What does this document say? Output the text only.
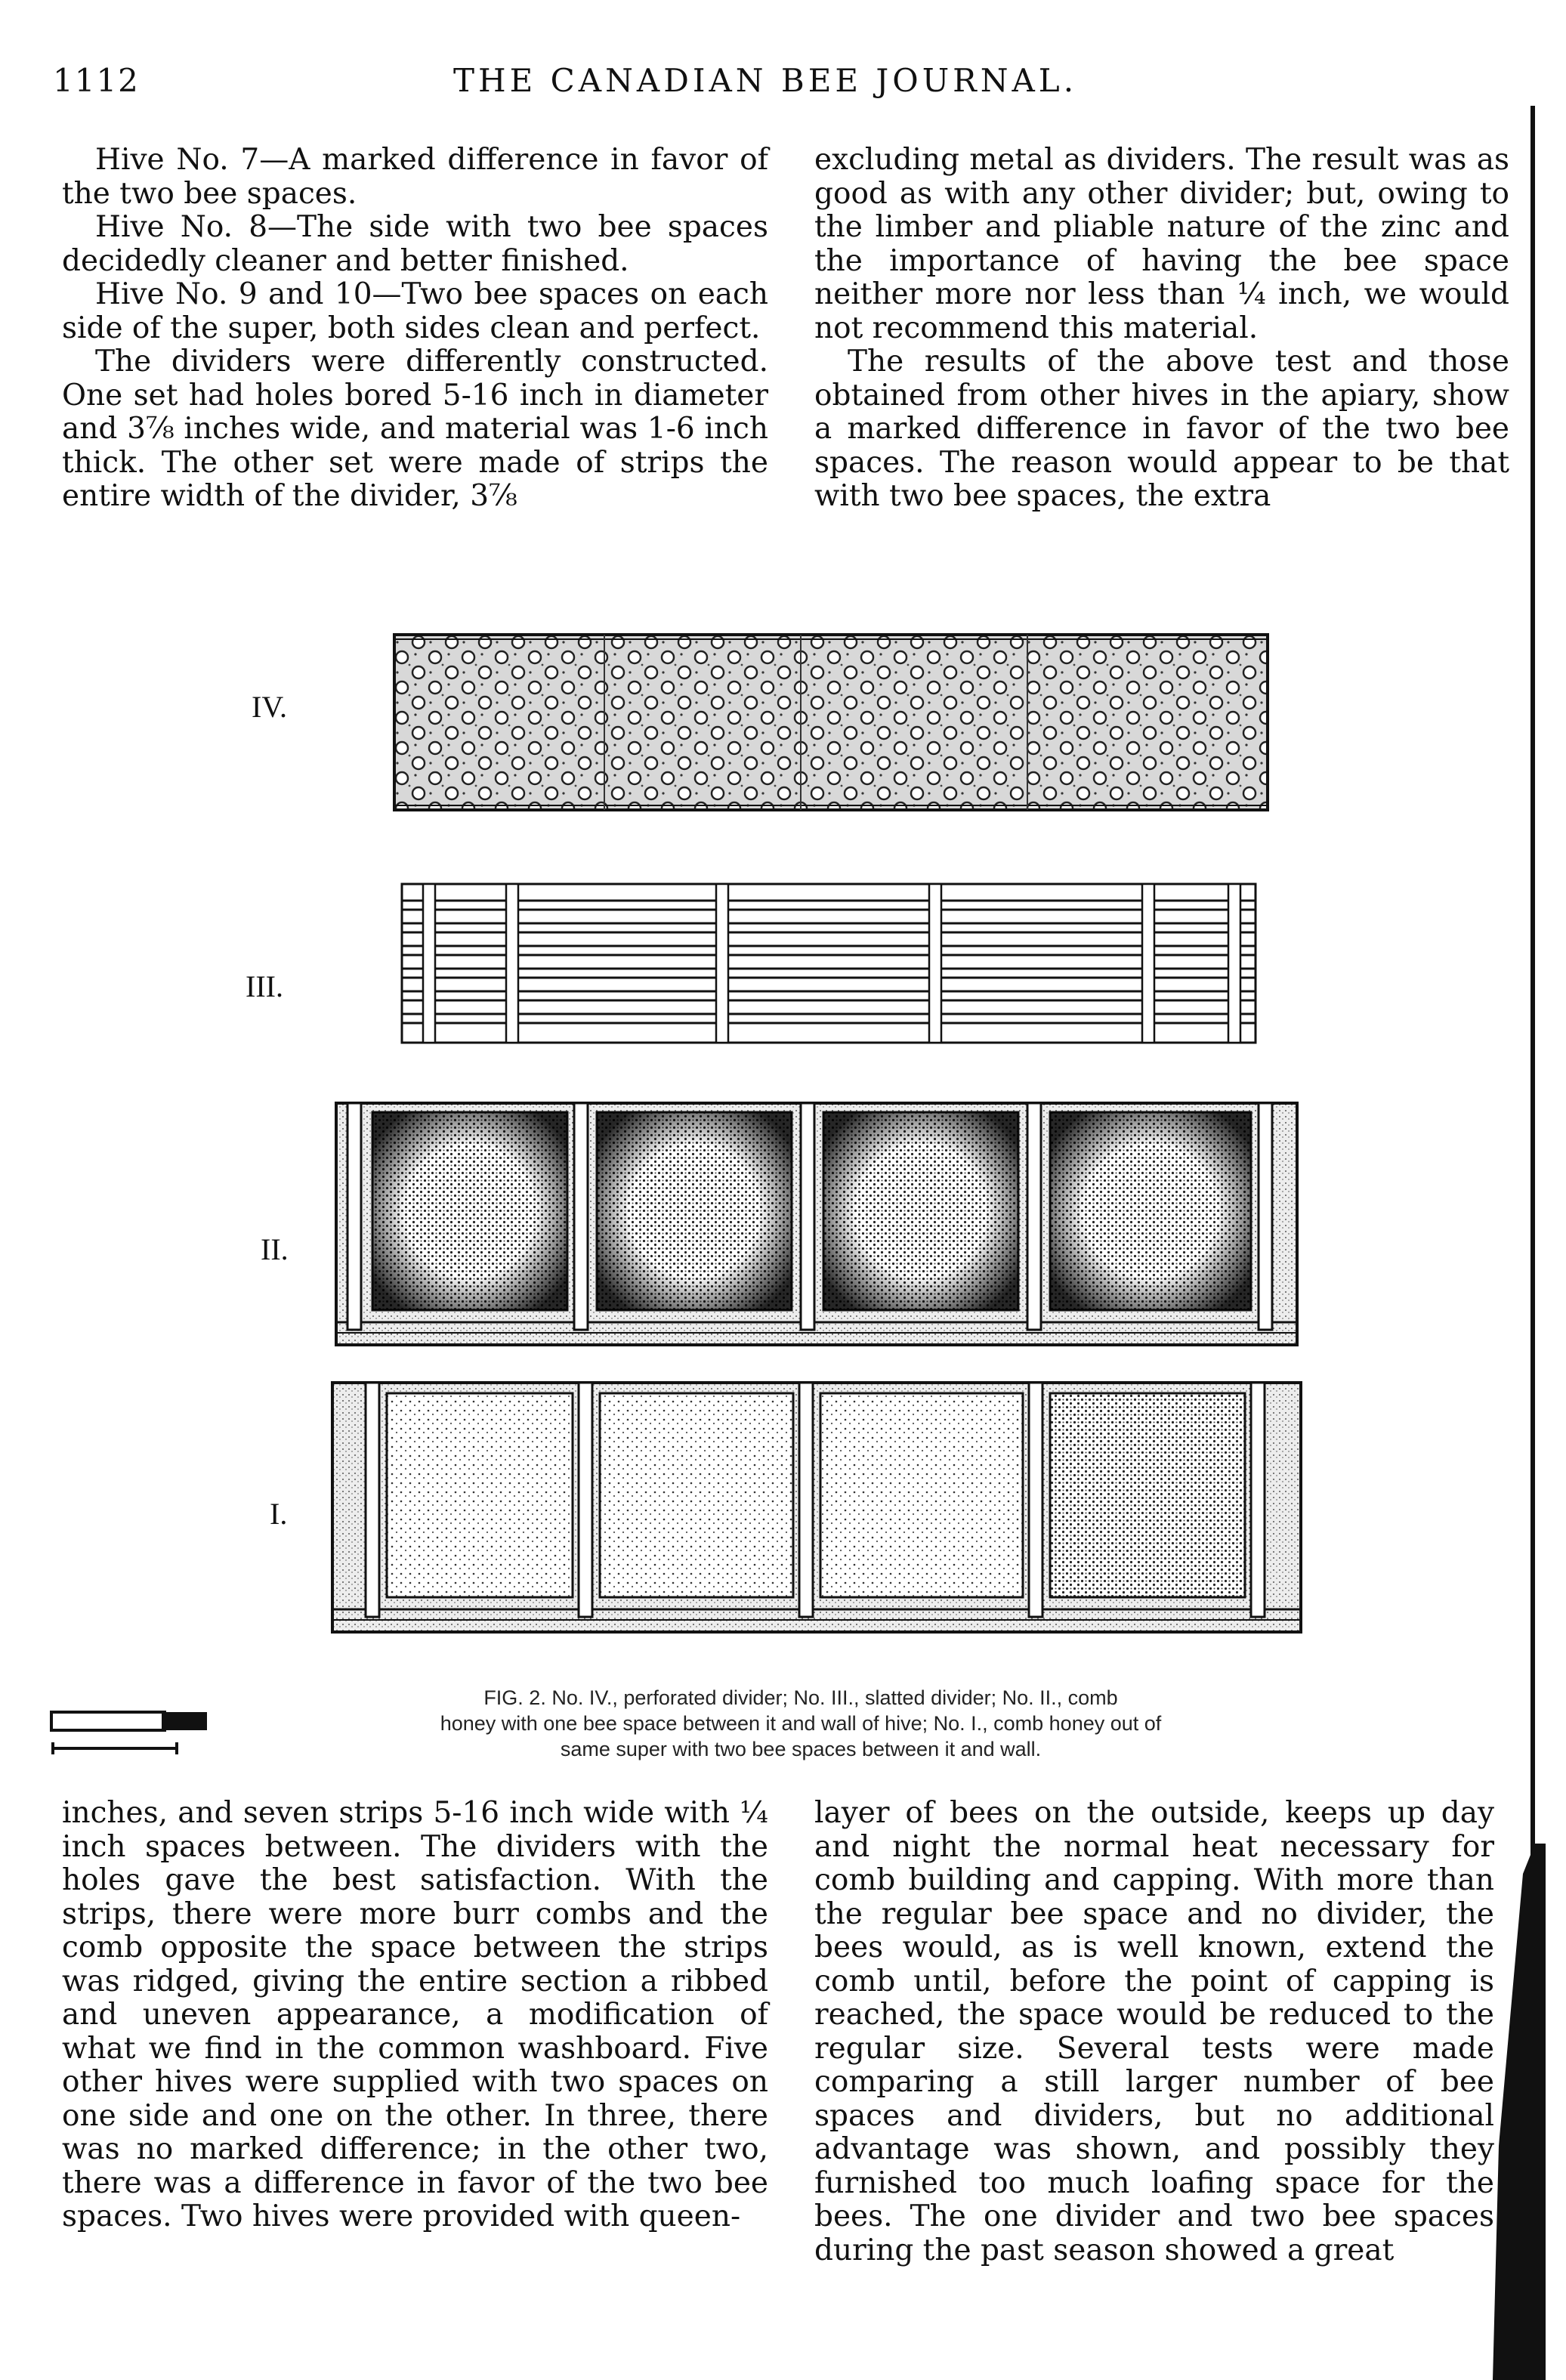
1112	THE CANADIAN BEE JOURNAL.

Hive No. 7—A marked difference in favor of the two bee spaces.

Hive No. 8—The side with two bee spaces decidedly cleaner and better finished.

Hive No. 9 and 10—Two bee spaces on each side of the super, both sides clean and perfect.

The dividers were differently constructed. One set had holes bored 5-16 inch in diameter and 3⅞ inches wide, and material was 1-6 inch thick. The other set were made of strips the entire width of the divider, 3⅞

excluding metal as dividers. The result was as good as with any other divider; but, owing to the limber and pliable nature of the zinc and the importance of having the bee space neither more nor less than ¼ inch, we would not recommend this material.

The results of the above test and those obtained from other hives in the apiary, show a marked difference in favor of the two bee spaces. The reason would appear to be that with two bee spaces, the extra

IV.
III.
II.
I.

FIG. 2. No. IV., perforated divider; No. III., slatted divider; No. II., comb

honey with one bee space between it and wall of hive; No. I., comb honey out of

same super with two bee spaces between it and wall.

inches, and seven strips 5-16 inch wide with ¼ inch spaces between. The dividers with the holes gave the best satisfaction. With the strips, there were more burr combs and the comb opposite the space between the strips was ridged, giving the entire section a ribbed and uneven appearance, a modification of what we find in the common washboard. Five other hives were supplied with two spaces on one side and one on the other. In three, there was no marked difference; in the other two, there was a difference in favor of the two bee spaces. Two hives were provided with queen-

layer of bees on the outside, keeps up day and night the normal heat necessary for comb building and capping. With more than the regular bee space and no divider, the bees would, as is well known, extend the comb until, before the point of capping is reached, the space would be reduced to the regular size. Several tests were made comparing a still larger number of bee spaces and dividers, but no additional advantage was shown, and possibly they furnished too much loafing space for the bees. The one divider and two bee spaces during the past season showed a great
